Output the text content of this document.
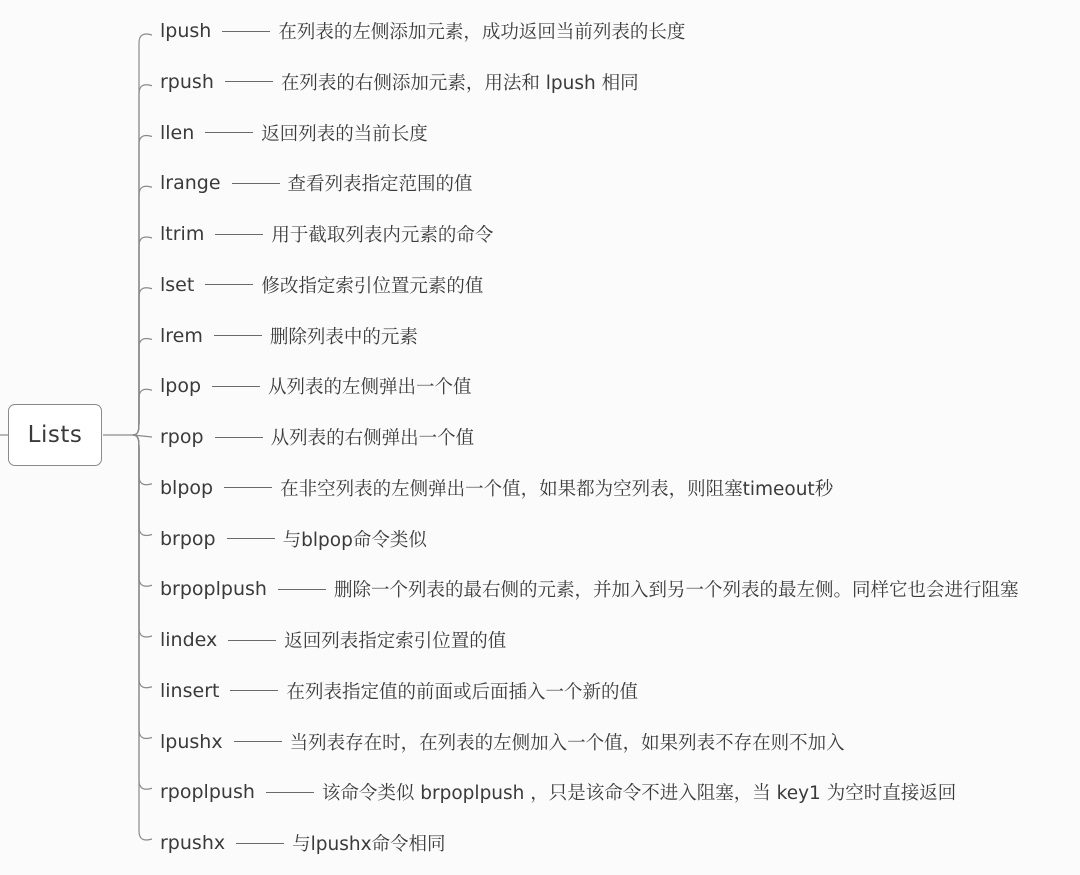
Lists
lpush	在列表的左侧添加元素，成功返回当前列表的长度
rpush	在列表的右侧添加元素，用法和 lpush 相同
llen	返回列表的当前长度
lrange	查看列表指定范围的值
ltrim	用于截取列表内元素的命令
lset	修改指定索引位置元素的值
lrem	删除列表中的元素
lpop	从列表的左侧弹出一个值
rpop	从列表的右侧弹出一个值
blpop	在非空列表的左侧弹出一个值，如果都为空列表，则阻塞timeout秒
brpop	与blpop命令类似
brpoplpush	删除一个列表的最右侧的元素，并加入到另一个列表的最左侧。同样它也会进行阻塞
lindex	返回列表指定索引位置的值
linsert	在列表指定值的前面或后面插入一个新的值
lpushx	当列表存在时，在列表的左侧加入一个值，如果列表不存在则不加入
rpoplpush	该命令类似 brpoplpush ，只是该命令不进入阻塞，当 key1 为空时直接返回
rpushx	与lpushx命令相同
